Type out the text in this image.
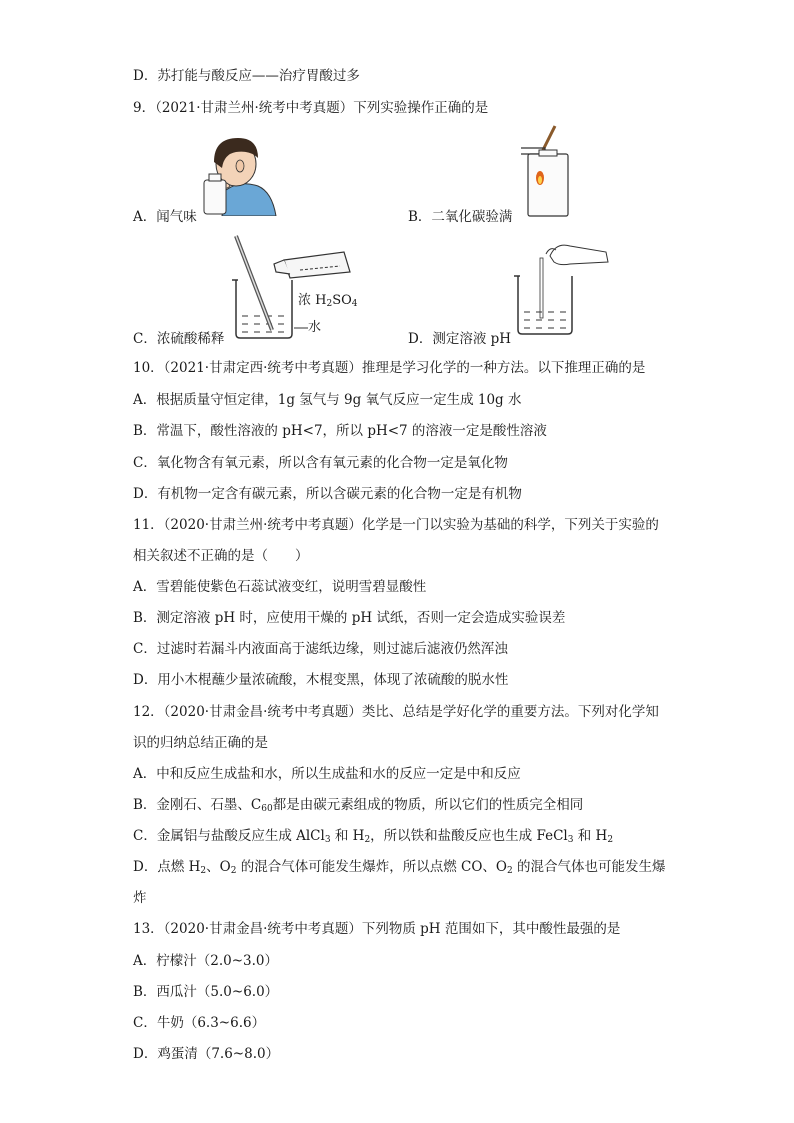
D．苏打能与酸反应——治疗胃酸过多
9．（2021·甘肃兰州·统考中考真题）下列实验操作正确的是
A．闻气味	B．二氧化碳验满
浓 $H_2SO_4$
水
C．浓硫酸稀释	D．测定溶液 pH
10．（2021·甘肃定西·统考中考真题）推理是学习化学的一种方法。以下推理正确的是
A．根据质量守恒定律，1g 氢气与 9g 氧气反应一定生成 10g 水
B．常温下，酸性溶液的 pH<7，所以 pH<7 的溶液一定是酸性溶液
C．氧化物含有氧元素，所以含有氧元素的化合物一定是氧化物
D．有机物一定含有碳元素，所以含碳元素的化合物一定是有机物
11．（2020·甘肃兰州·统考中考真题）化学是一门以实验为基础的科学，下列关于实验的
相关叙述不正确的是（　　）
A．雪碧能使紫色石蕊试液变红，说明雪碧显酸性
B．测定溶液 pH 时，应使用干燥的 pH 试纸，否则一定会造成实验误差
C．过滤时若漏斗内液面高于滤纸边缘，则过滤后滤液仍然浑浊
D．用小木棍蘸少量浓硫酸，木棍变黑，体现了浓硫酸的脱水性
12．（2020·甘肃金昌·统考中考真题）类比、总结是学好化学的重要方法。下列对化学知
识的归纳总结正确的是
A．中和反应生成盐和水，所以生成盐和水的反应一定是中和反应
B．金刚石、石墨、$C_{60}$都是由碳元素组成的物质，所以它们的性质完全相同
C．金属铝与盐酸反应生成 AlCl$_3$ 和 $H_2$，所以铁和盐酸反应也生成 FeCl$_3$ 和 $H_2$
D．点燃 $H_2$、$O_2$ 的混合气体可能发生爆炸，所以点燃 CO、$O_2$ 的混合气体也可能发生爆
炸
13．（2020·甘肃金昌·统考中考真题）下列物质 pH 范围如下，其中酸性最强的是
A．柠檬汁（2.0~3.0）
B．西瓜汁（5.0~6.0）
C．牛奶（6.3~6.6）
D．鸡蛋清（7.6~8.0）
